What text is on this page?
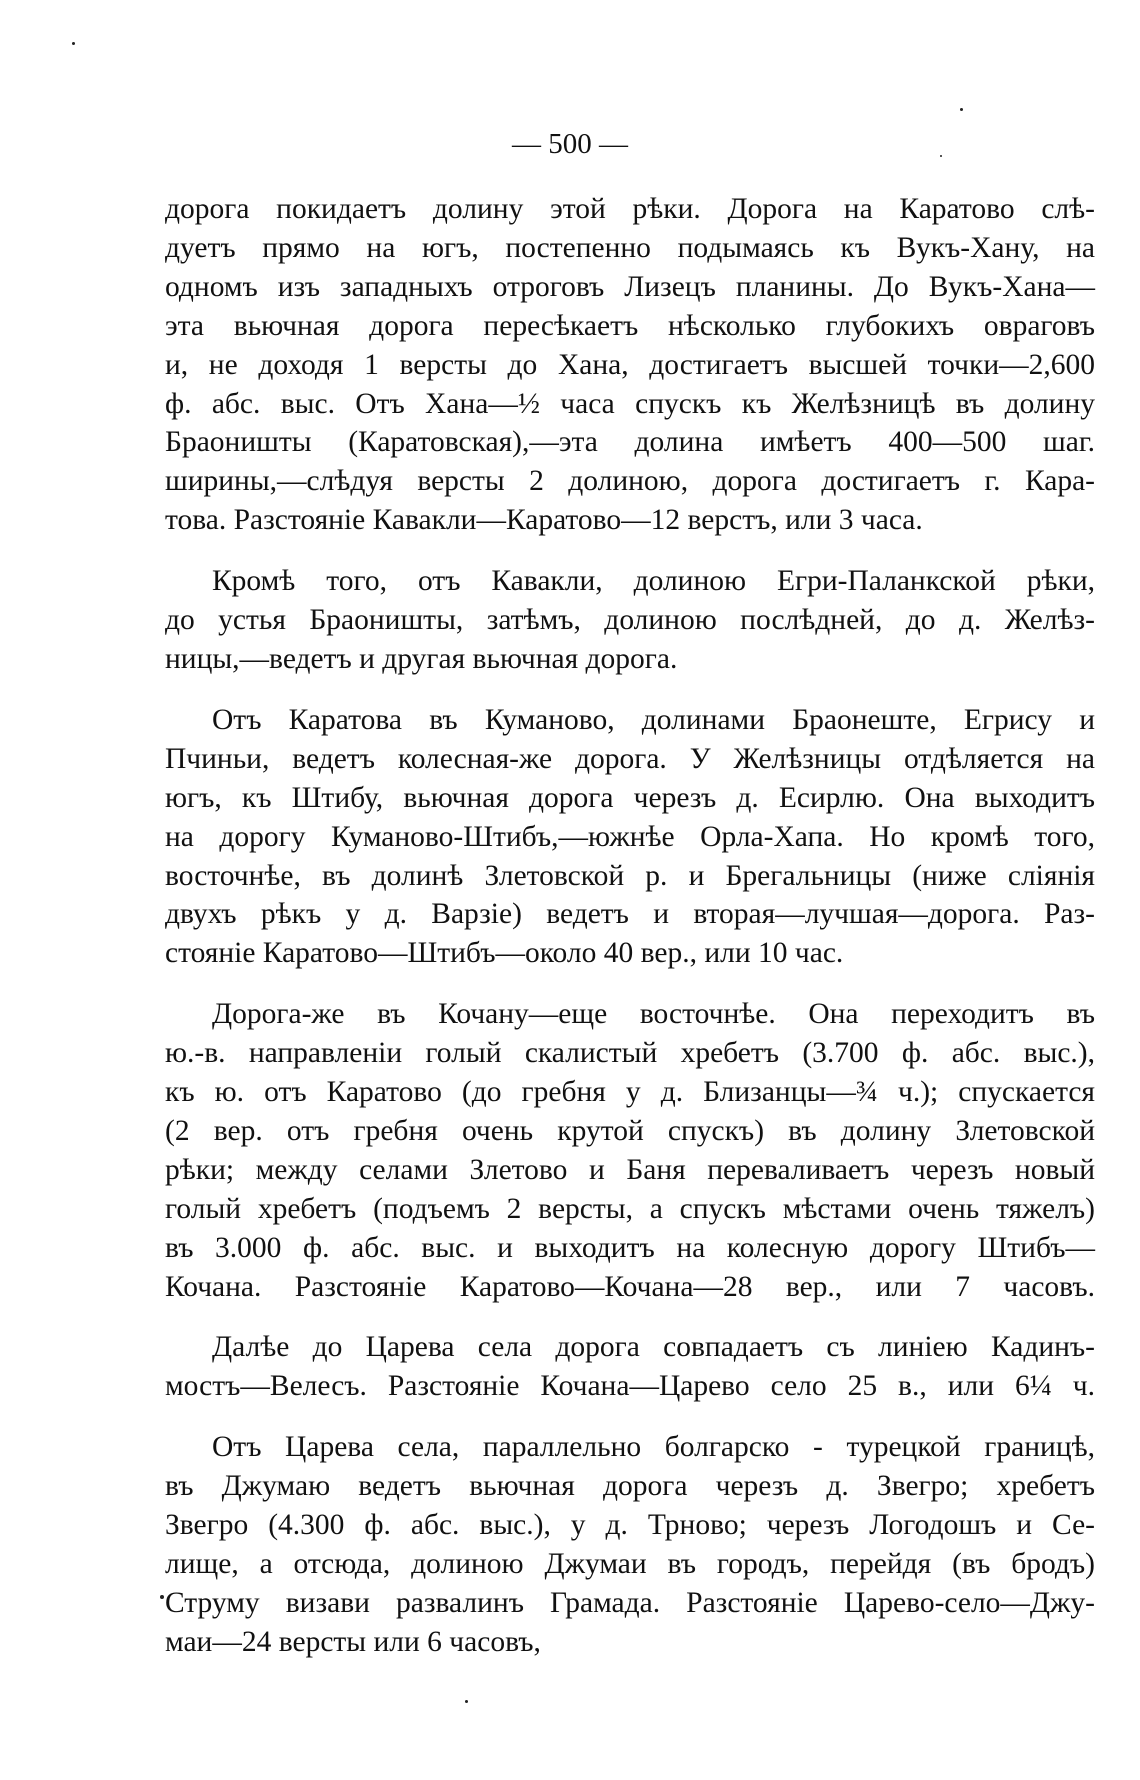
— 500 —

дорога покидаетъ долину этой рѣки. Дорога на Каратово слѣ-
дуетъ прямо на югъ, постепенно подымаясь къ Вукъ-Хану, на
одномъ изъ западныхъ отроговъ Лизецъ планины. До Вукъ-Хана—
эта вьючная дорога пересѣкаетъ нѣсколько глубокихъ овраговъ
и, не доходя 1 версты до Хана, достигаетъ высшей точки—2,600
ф. абс. выс. Отъ Хана—½ часа спускъ къ Желѣзницѣ въ долину
Браоништы (Каратовская),—эта долина имѣетъ 400—500 шаг.
ширины,—слѣдуя версты 2 долиною, дорога достигаетъ г. Кара-
това. Разстояніе Кавакли—Каратово—12 верстъ, или 3 часа.

Кромѣ того, отъ Кавакли, долиною Егри-Паланкской рѣки,
до устья Браоништы, затѣмъ, долиною послѣдней, до д. Желѣз-
ницы,—ведетъ и другая вьючная дорога.

Отъ Каратова въ Куманово, долинами Браонеште, Егрису и
Пчиньи, ведетъ колесная-же дорога. У Желѣзницы отдѣляется на
югъ, къ Штибу, вьючная дорога черезъ д. Есирлю. Она выходитъ
на дорогу Куманово-Штибъ,—южнѣе Орла-Хапа. Но кромѣ того,
восточнѣе, въ долинѣ Злетовской р. и Брегальницы (ниже сліянія
двухъ рѣкъ у д. Варзіе) ведетъ и вторая—лучшая—дорога. Раз-
стояніе Каратово—Штибъ—около 40 вер., или 10 час.

Дорога-же въ Кочану—еще восточнѣе. Она переходитъ въ
ю.-в. направленіи голый скалистый хребетъ (3.700 ф. абс. выс.),
къ ю. отъ Каратово (до гребня у д. Близанцы—¾ ч.); спускается
(2 вер. отъ гребня очень крутой спускъ) въ долину Злетовской
рѣки; между селами Злетово и Баня переваливаетъ черезъ новый
голый хребетъ (подъемъ 2 версты, а спускъ мѣстами очень тяжелъ)
въ 3.000 ф. абс. выс. и выходитъ на колесную дорогу Штибъ—
Кочана. Разстояніе Каратово—Кочана—28 вер., или 7 часовъ.

Далѣе до Царева села дорога совпадаетъ съ линіею Кадинъ-
мостъ—Велесъ. Разстояніе Кочана—Царево село 25 в., или 6¼ ч.

Отъ Царева села, параллельно болгарско - турецкой границѣ,
въ Джумаю ведетъ вьючная дорога черезъ д. Звегро; хребетъ
Звегро (4.300 ф. абс. выс.), у д. Трново; черезъ Логодошъ и Се-
лище, а отсюда, долиною Джумаи въ городъ, перейдя (въ бродъ)
Струму визави развалинъ Грамада. Разстояніе Царево-село—Джу-
маи—24 версты или 6 часовъ,
